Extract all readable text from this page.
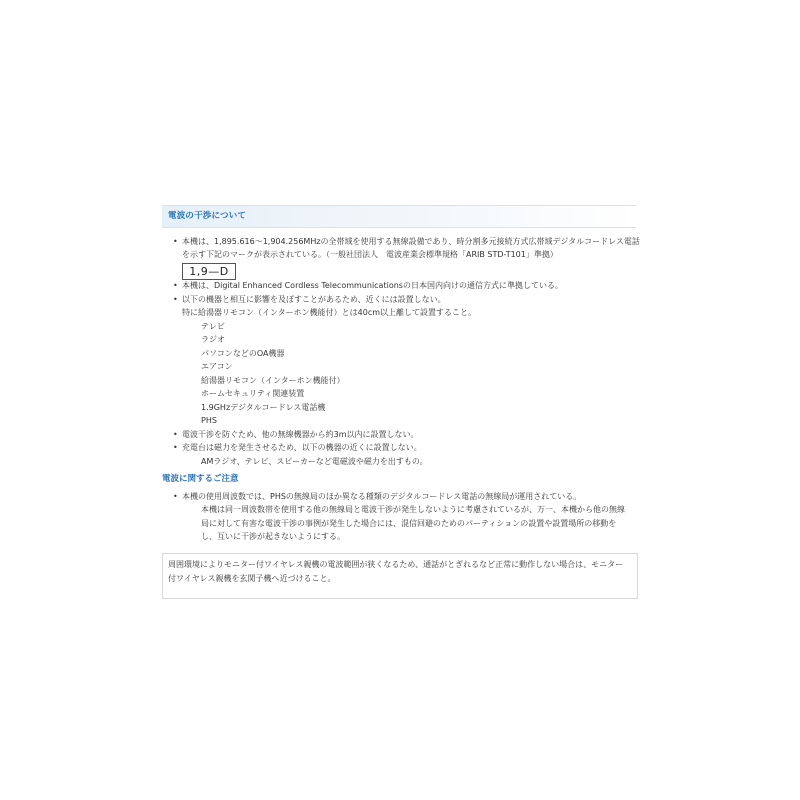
電波の干渉について
• 本機は、1,895.616〜1,904.256MHzの全帯域を使用する無線設備であり、時分割多元接続方式広帯域デジタルコードレス電話
を示す下記のマークが表示されている。（一般社団法人　電波産業会標準規格「ARIB STD-T101」準拠）
1,9—D
• 本機は、Digital Enhanced Cordless Telecommunicationsの日本国内向けの通信方式に準拠している。
• 以下の機器と相互に影響を及ぼすことがあるため、近くには設置しない。
特に給湯器リモコン（インターホン機能付）とは40cm以上離して設置すること。
テレビ
ラジオ
パソコンなどのOA機器
エアコン
給湯器リモコン（インターホン機能付）
ホームセキュリティ関連装置
1.9GHzデジタルコードレス電話機
PHS
• 電波干渉を防ぐため、他の無線機器から約3m以内に設置しない。
• 充電台は磁力を発生させるため、以下の機器の近くに設置しない。
AMラジオ、テレビ、スピーカーなど電磁波や磁力を出すもの。
電波に関するご注意
• 本機の使用周波数では、PHSの無線局のほか異なる種類のデジタルコードレス電話の無線局が運用されている。
本機は同一周波数帯を使用する他の無線局と電波干渉が発生しないように考慮されているが、万一、本機から他の無線
局に対して有害な電波干渉の事例が発生した場合には、混信回避のためのパーティションの設置や設置場所の移動を
し、互いに干渉が起きないようにする。
周囲環境によりモニター付ワイヤレス親機の電波範囲が狭くなるため、通話がとぎれるなど正常に動作しない場合は、モニター
付ワイヤレス親機を玄関子機へ近づけること。
